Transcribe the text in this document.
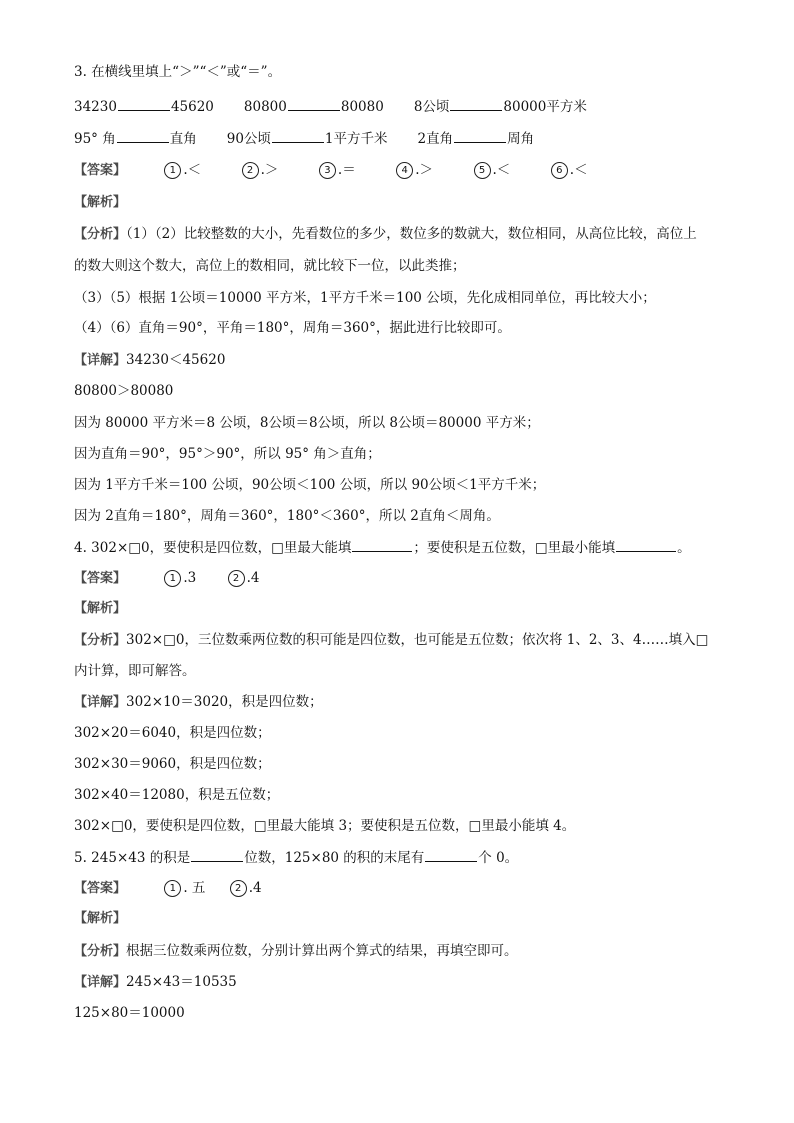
3. 在横线里填上“＞”“＜”或“＝”。
34230	45620 80800	80080 8公顷	80000平方米
95° 角	直角 90公顷	1平方千米 2直角	周角
【答案】	1 .＜	2 .＞	3 .＝	4 .＞	5 .＜	6 .＜
【解析】
【分析】（1）（2）比较整数的大小，先看数位的多少，数位多的数就大，数位相同，从高位比较，高位上
的数大则这个数大，高位上的数相同，就比较下一位，以此类推；
（3）（5）根据 1公顷＝10000 平方米，1平方千米＝100 公顷，先化成相同单位，再比较大小；
（4）（6）直角＝90°，平角＝180°，周角＝360°，据此进行比较即可。
【详解】34230＜45620
80800＞80080
因为 80000 平方米＝8 公顷，8公顷＝8公顷，所以 8公顷＝80000 平方米；
因为直角＝90°，95°＞90°，所以 95° 角＞直角；
因为 1平方千米＝100 公顷，90公顷＜100 公顷，所以 90公顷＜1平方千米；
因为 2直角＝180°，周角＝360°，180°＜360°，所以 2直角＜周角。
4. 302×□0，要使积是四位数，□里最大能填	；要使积是五位数，□里最小能填	。
【答案】	1 .3	2 .4
【解析】
【分析】302×□0，三位数乘两位数的积可能是四位数，也可能是五位数；依次将 1、2、3、4……填入□
内计算，即可解答。
【详解】302×10＝3020，积是四位数；
302×20＝6040，积是四位数；
302×30＝9060，积是四位数；
302×40＝12080，积是五位数；
302×□0，要使积是四位数，□里最大能填 3；要使积是五位数，□里最小能填 4。
5. 245×43 的积是	位数，125×80 的积的末尾有	个 0。
【答案】	1 . 五	2 .4
【解析】
【分析】根据三位数乘两位数，分别计算出两个算式的结果，再填空即可。
【详解】245×43＝10535
125×80＝10000
